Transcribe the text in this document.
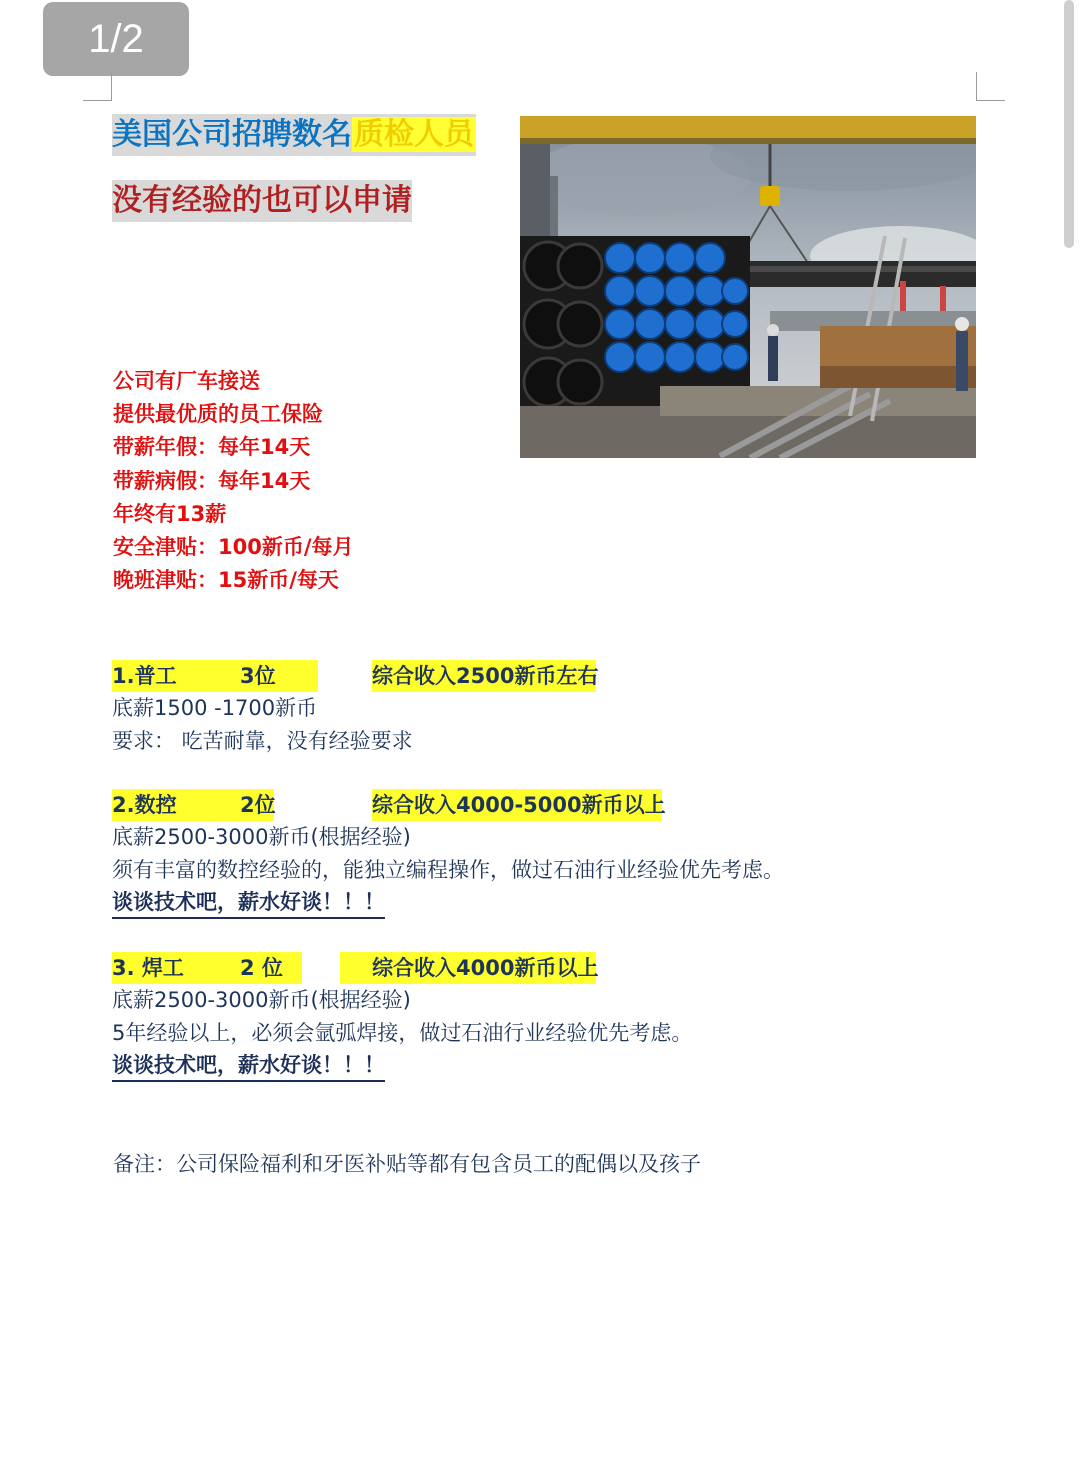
1/2
美国公司招聘数名质检人员
没有经验的也可以申请
公司有厂车接送
提供最优质的员工保险
带薪年假：每年14天
带薪病假：每年14天
年终有13薪
安全津贴：100新币/每月
晚班津贴：15新币/每天
1.普工	3位	综合收入2500新币左右
底薪1500 -1700新币
要求： 吃苦耐靠，没有经验要求
2.数控	2位	综合收入4000-5000新币以上
底薪2500-3000新币(根据经验)
须有丰富的数控经验的，能独立编程操作，做过石油行业经验优先考虑。
谈谈技术吧，薪水好谈！！！
3. 焊工	2 位	综合收入4000新币以上
底薪2500-3000新币(根据经验)
5年经验以上，必须会氩弧焊接，做过石油行业经验优先考虑。
谈谈技术吧，薪水好谈！！！
备注：公司保险福利和牙医补贴等都有包含员工的配偶以及孩子
